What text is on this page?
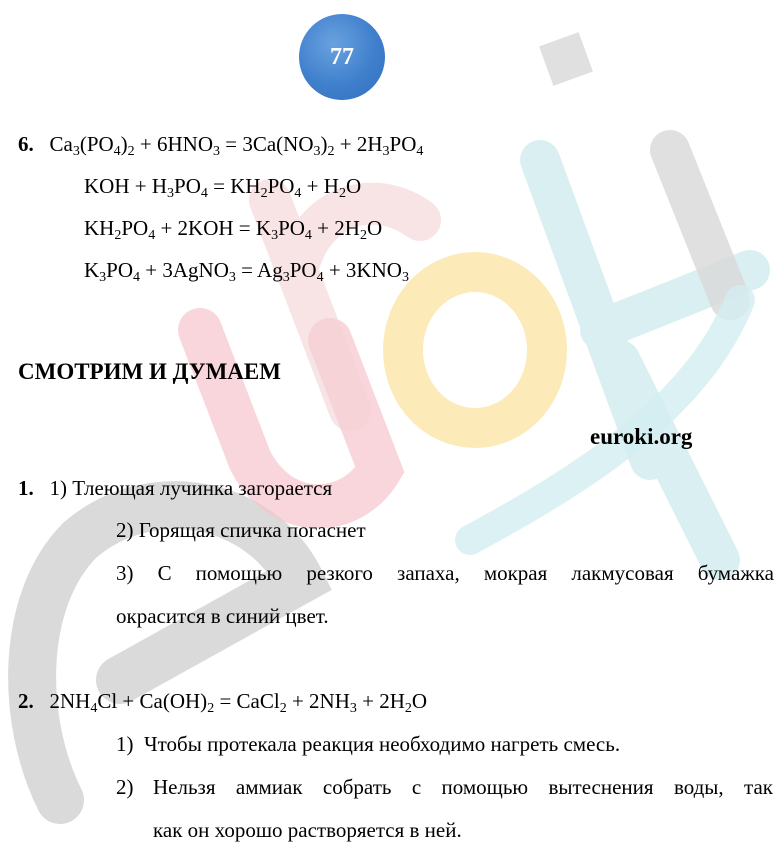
77
6. $Ca_3(PO_4)_2 + 6HNO_3 = 3Ca(NO_3)_2 + 2H_3PO_4$
KOH + $H_3PO_4 = KH_2PO_4 + H_2O$
$KH_2PO_4 + 2KOH = K_3PO_4 + 2H_2O$
$K_3PO_4$ + 3AgNO$_3$ = $Ag_3PO_4 + 3KNO_3$
СМОТРИМ И ДУМАЕМ
euroki.org
1. 1) Тлеющая лучинка загорается
2) Горящая спичка погаснет
3) С помощью резкого запаха, мокрая лакмусовая бумажка
окрасится в синий цвет.
2. $2NH_4Cl + Ca(OH)_2$ = CaCl$_2$ + $2NH_3 + 2H_2O$
1) Чтобы протекала реакция необходимо нагреть смесь.
2) Нельзя аммиак собрать с помощью вытеснения воды, так
как он хорошо растворяется в ней.
